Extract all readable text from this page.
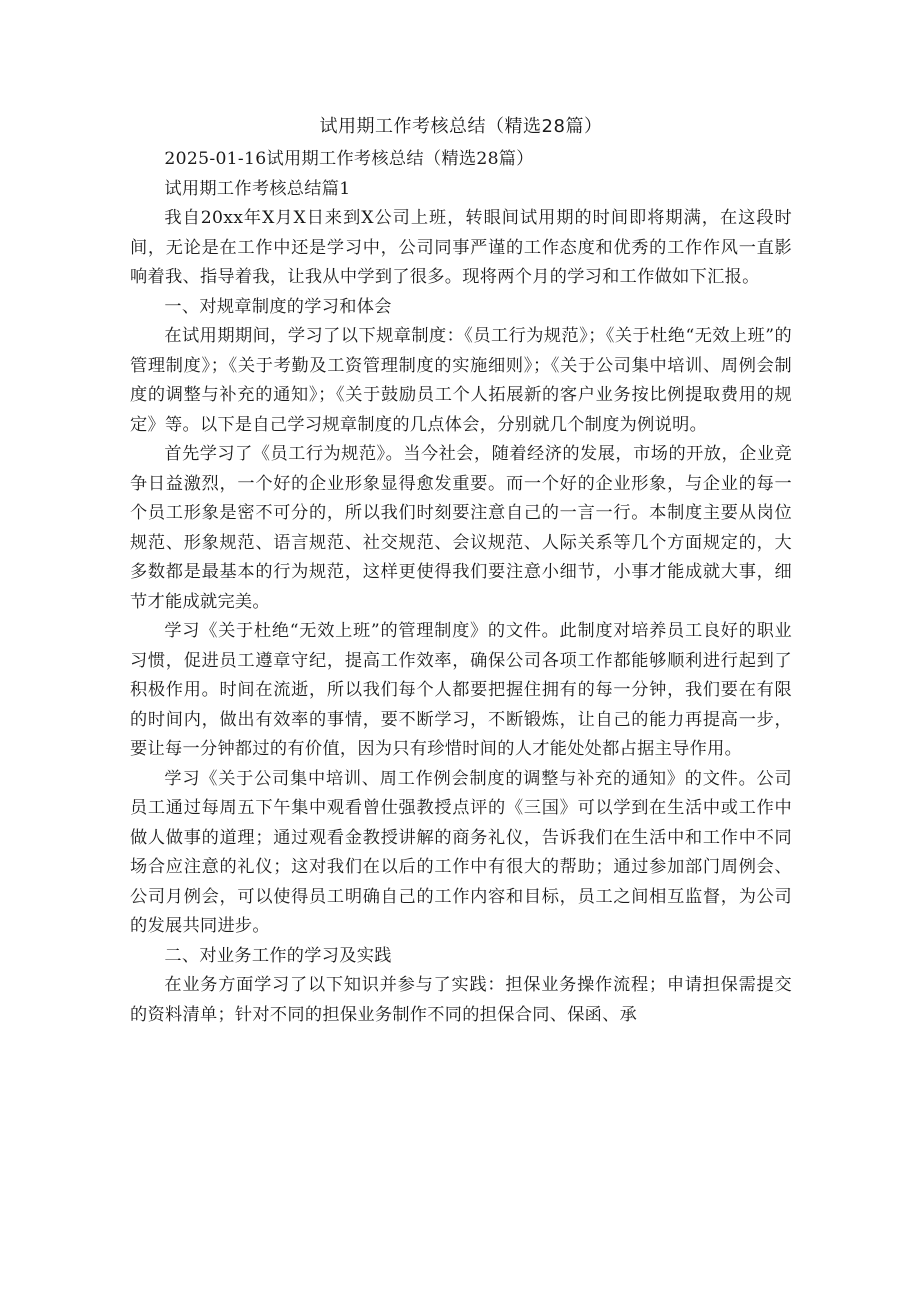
试用期工作考核总结（精选28篇）

2025-01-16试用期工作考核总结（精选28篇）

试用期工作考核总结篇1

我自20xx年X月X日来到X公司上班，转眼间试用期的时间即将期满，在这段时间，无论是在工作中还是学习中，公司同事严谨的工作态度和优秀的工作作风一直影响着我、指导着我，让我从中学到了很多。现将两个月的学习和工作做如下汇报。

一、对规章制度的学习和体会

在试用期期间，学习了以下规章制度：《员工行为规范》；《关于杜绝“无效上班”的管理制度》；《关于考勤及工资管理制度的实施细则》；《关于公司集中培训、周例会制度的调整与补充的通知》；《关于鼓励员工个人拓展新的客户业务按比例提取费用的规定》等。以下是自己学习规章制度的几点体会，分别就几个制度为例说明。

首先学习了《员工行为规范》。当今社会，随着经济的发展，市场的开放，企业竞争日益激烈，一个好的企业形象显得愈发重要。而一个好的企业形象，与企业的每一个员工形象是密不可分的，所以我们时刻要注意自己的一言一行。本制度主要从岗位规范、形象规范、语言规范、社交规范、会议规范、人际关系等几个方面规定的，大多数都是最基本的行为规范，这样更使得我们要注意小细节，小事才能成就大事，细节才能成就完美。

学习《关于杜绝“无效上班”的管理制度》的文件。此制度对培养员工良好的职业习惯，促进员工遵章守纪，提高工作效率，确保公司各项工作都能够顺利进行起到了积极作用。时间在流逝，所以我们每个人都要把握住拥有的每一分钟，我们要在有限的时间内，做出有效率的事情，要不断学习，不断锻炼，让自己的能力再提高一步，要让每一分钟都过的有价值，因为只有珍惜时间的人才能处处都占据主导作用。

学习《关于公司集中培训、周工作例会制度的调整与补充的通知》的文件。公司员工通过每周五下午集中观看曾仕强教授点评的《三国》可以学到在生活中或工作中做人做事的道理；通过观看金教授讲解的商务礼仪，告诉我们在生活中和工作中不同场合应注意的礼仪；这对我们在以后的工作中有很大的帮助；通过参加部门周例会、公司月例会，可以使得员工明确自己的工作内容和目标，员工之间相互监督，为公司的发展共同进步。

二、对业务工作的学习及实践

在业务方面学习了以下知识并参与了实践：担保业务操作流程；申请担保需提交的资料清单；针对不同的担保业务制作不同的担保合同、保函、承
